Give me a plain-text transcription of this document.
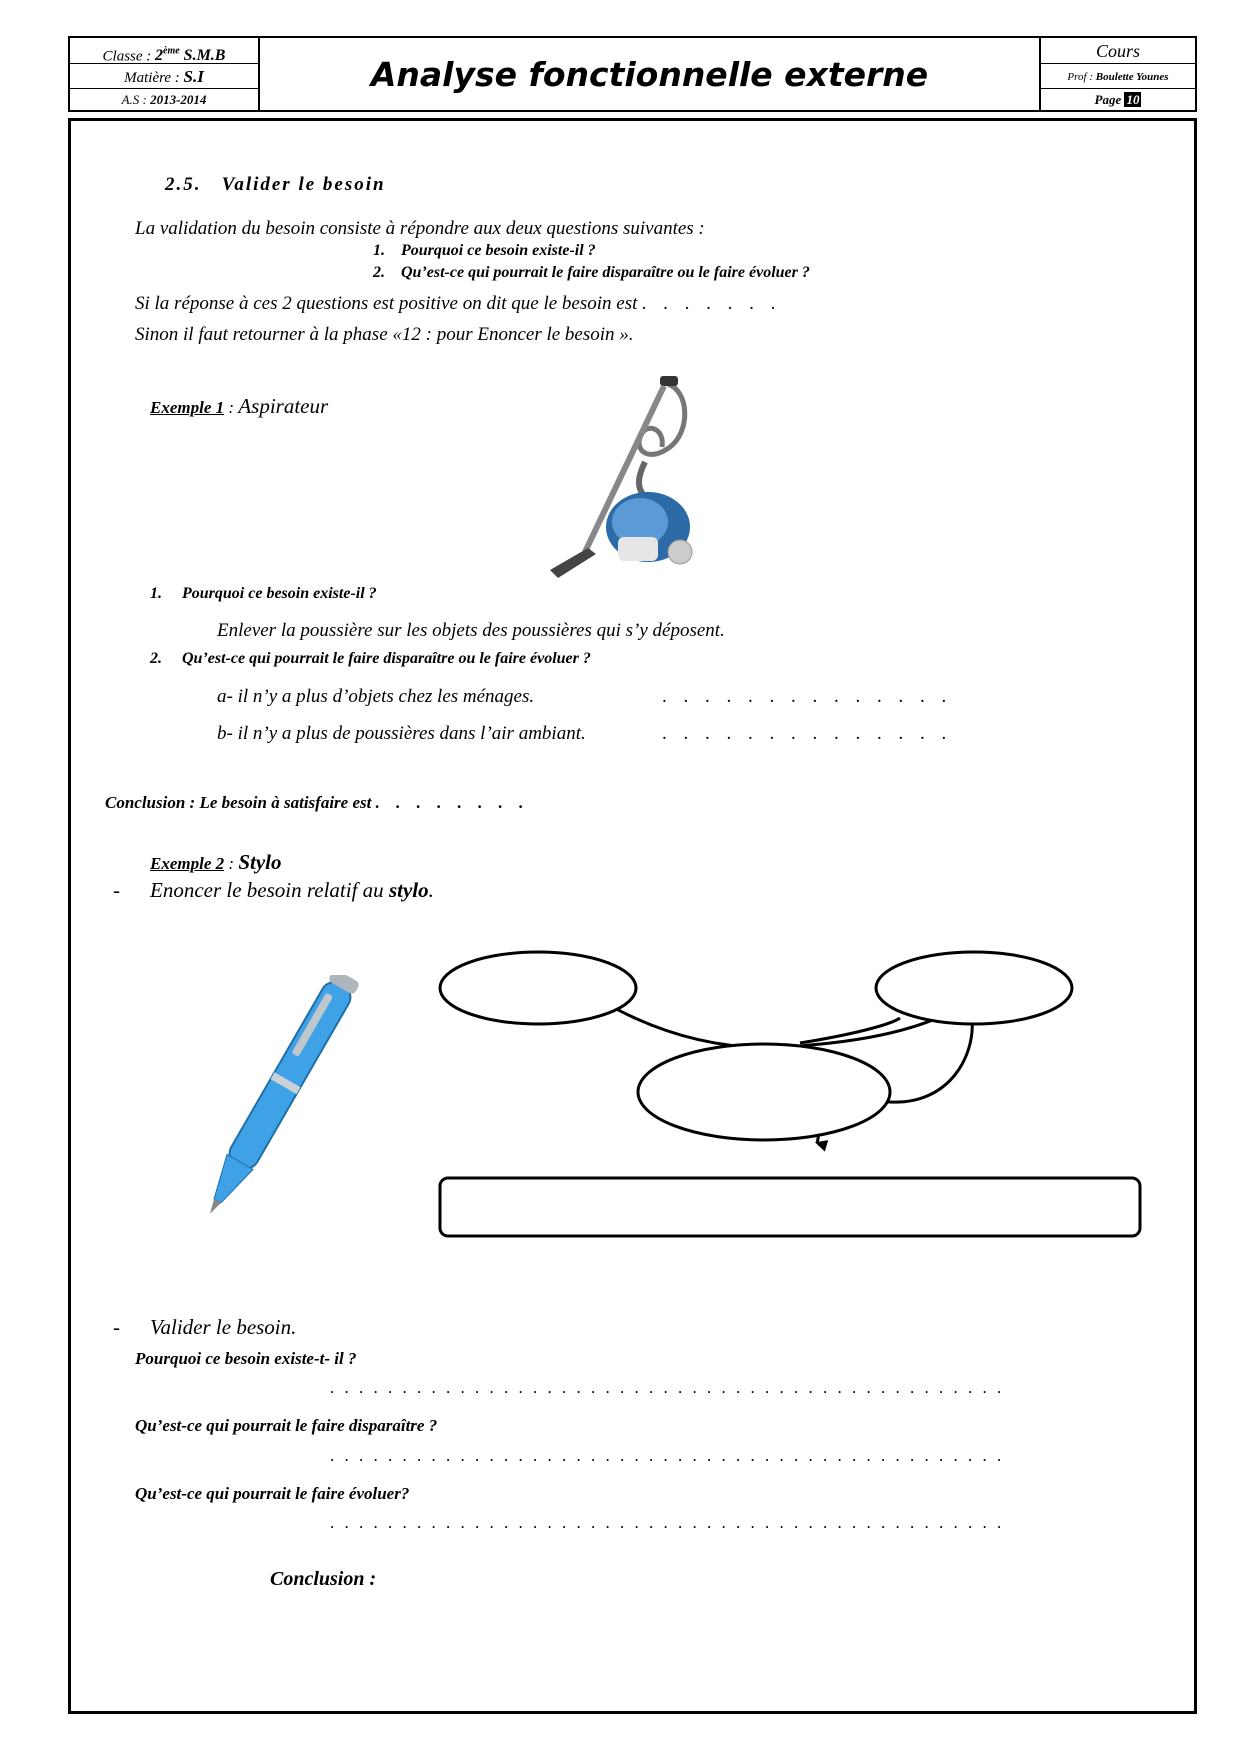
Classe : 2ème S.M.B
Matière : S.I
A.S : 2013-2014
Analyse fonctionnelle externe
Cours
Prof : Boulette Younes
Page 10
2.5. Valider le besoin
La validation du besoin consiste à répondre aux deux questions suivantes :
1. Pourquoi ce besoin existe-il ?
2. Qu’est-ce qui pourrait le faire disparaître ou le faire évoluer ?
Si la réponse à ces 2 questions est positive on dit que le besoin est . . . . . . .
Sinon il faut retourner à la phase «12 : pour Enoncer le besoin ».
Exemple 1 : Aspirateur
1. Pourquoi ce besoin existe-il ?
Enlever la poussière sur les objets des poussières qui s’y déposent.
2. Qu’est-ce qui pourrait le faire disparaître ou le faire évoluer ?
a- il n’y a plus d’objets chez les ménages.	. . . . . . . . . . . . . .
b- il n’y a plus de poussières dans l’air ambiant.	. . . . . . . . . . . . . .
Conclusion : Le besoin à satisfaire est . . . . . . . .
Exemple 2 : Stylo
- Enoncer le besoin relatif au stylo.
- Valider le besoin.
Pourquoi ce besoin existe-t- il ?
. . . . . . . . . . . . . . . . . . . . . . . . . . . . . . . . . . . . . . . . . . . . . . .
Qu’est-ce qui pourrait le faire disparaître ?
. . . . . . . . . . . . . . . . . . . . . . . . . . . . . . . . . . . . . . . . . . . . . . .
Qu’est-ce qui pourrait le faire évoluer?
. . . . . . . . . . . . . . . . . . . . . . . . . . . . . . . . . . . . . . . . . . . . . . .
Conclusion :
